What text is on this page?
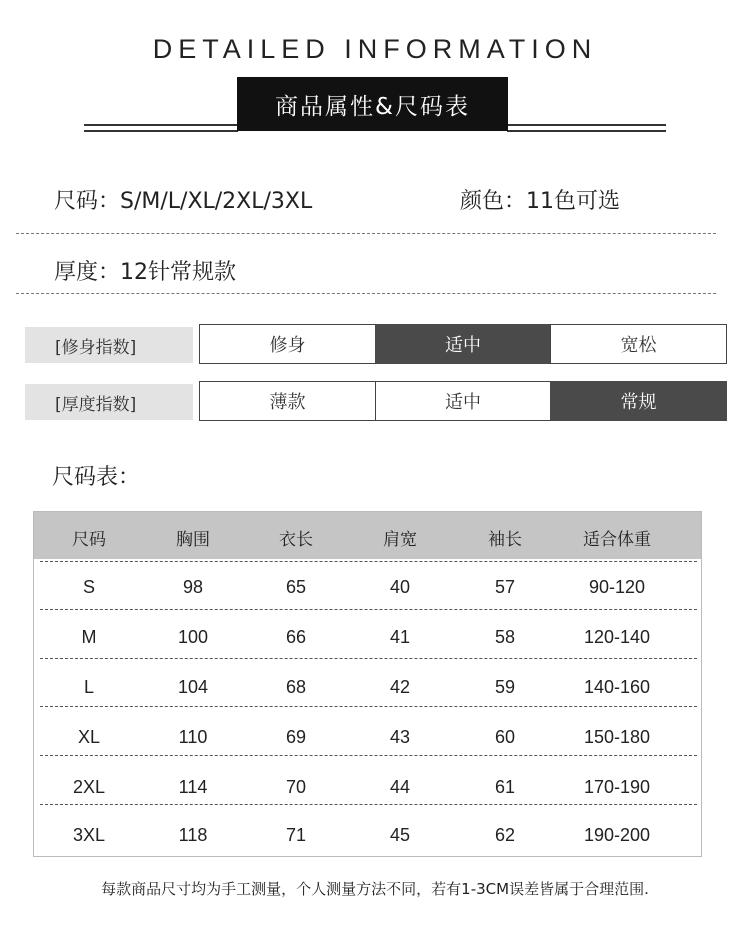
DETAILED INFORMATION
商品属性&尺码表
尺码：S/M/L/XL/2XL/3XL	颜色：11色可选
厚度：12针常规款
[修身指数]	修身	适中	宽松
[厚度指数]	薄款	适中	常规
尺码表：
尺码	胸围	衣长	肩宽	袖长	适合体重
S	98	65	40	57	90-120
M	100	66	41	58	120-140
L	104	68	42	59	140-160
XL	110	69	43	60	150-180
2XL	114	70	44	61	170-190
3XL	118	71	45	62	190-200
每款商品尺寸均为手工测量，个人测量方法不同，若有1-3CM误差皆属于合理范围.
